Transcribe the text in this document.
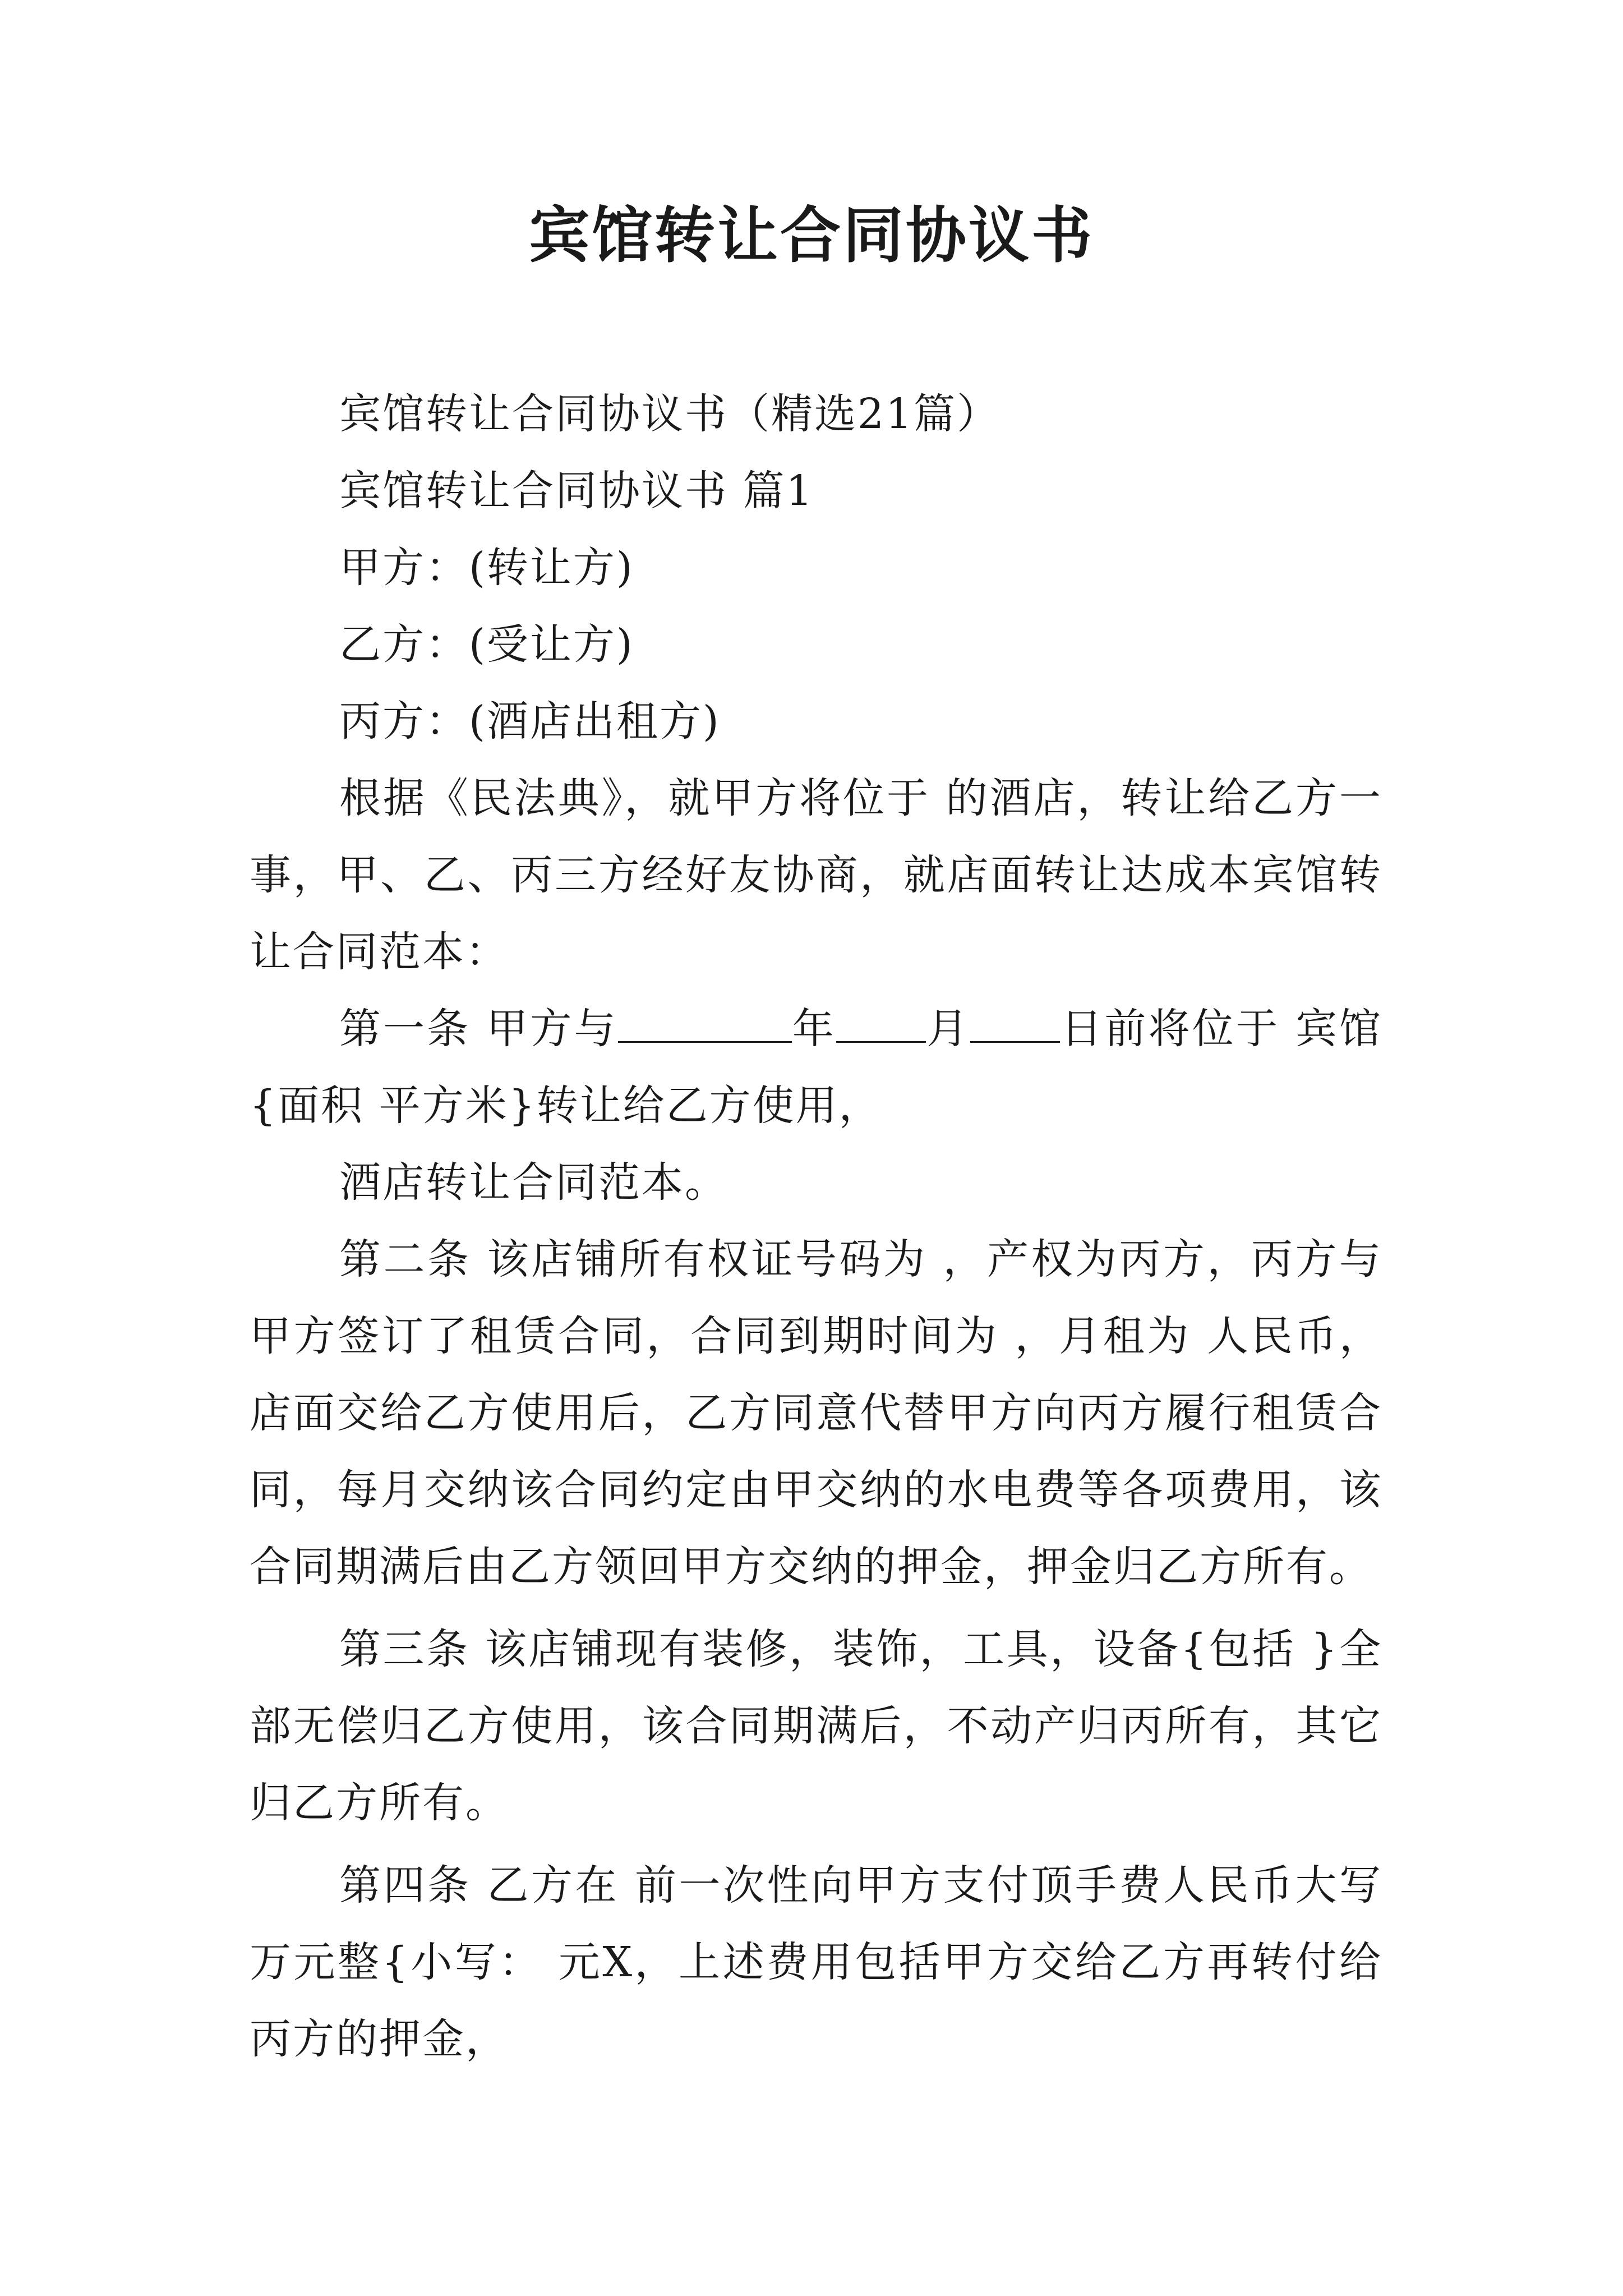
宾馆转让合同协议书

宾馆转让合同协议书（精选21篇）

宾馆转让合同协议书 篇1

甲方：(转让方)

乙方：(受让方)

丙方：(酒店出租方)

根据《民法典》，就甲方将位于 的酒店，转让给乙方一事，甲、乙、丙三方经好友协商，就店面转让达成本宾馆转让合同范本：

第一条 甲方与	年 月 日前将位于 宾馆{面积 平方米}转让给乙方使用，

酒店转让合同范本。

第二条 该店铺所有权证号码为 ，产权为丙方，丙方与甲方签订了租赁合同，合同到期时间为 ，月租为 人民币，店面交给乙方使用后，乙方同意代替甲方向丙方履行租赁合同，每月交纳该合同约定由甲交纳的水电费等各项费用，该合同期满后由乙方领回甲方交纳的押金，押金归乙方所有。

第三条 该店铺现有装修，装饰，工具，设备{包括 }全部无偿归乙方使用，该合同期满后，不动产归丙所有，其它归乙方所有。

第四条 乙方在 前一次性向甲方支付顶手费人民币大写 万元整{小写： 元X，上述费用包括甲方交给乙方再转付给丙方的押金，
